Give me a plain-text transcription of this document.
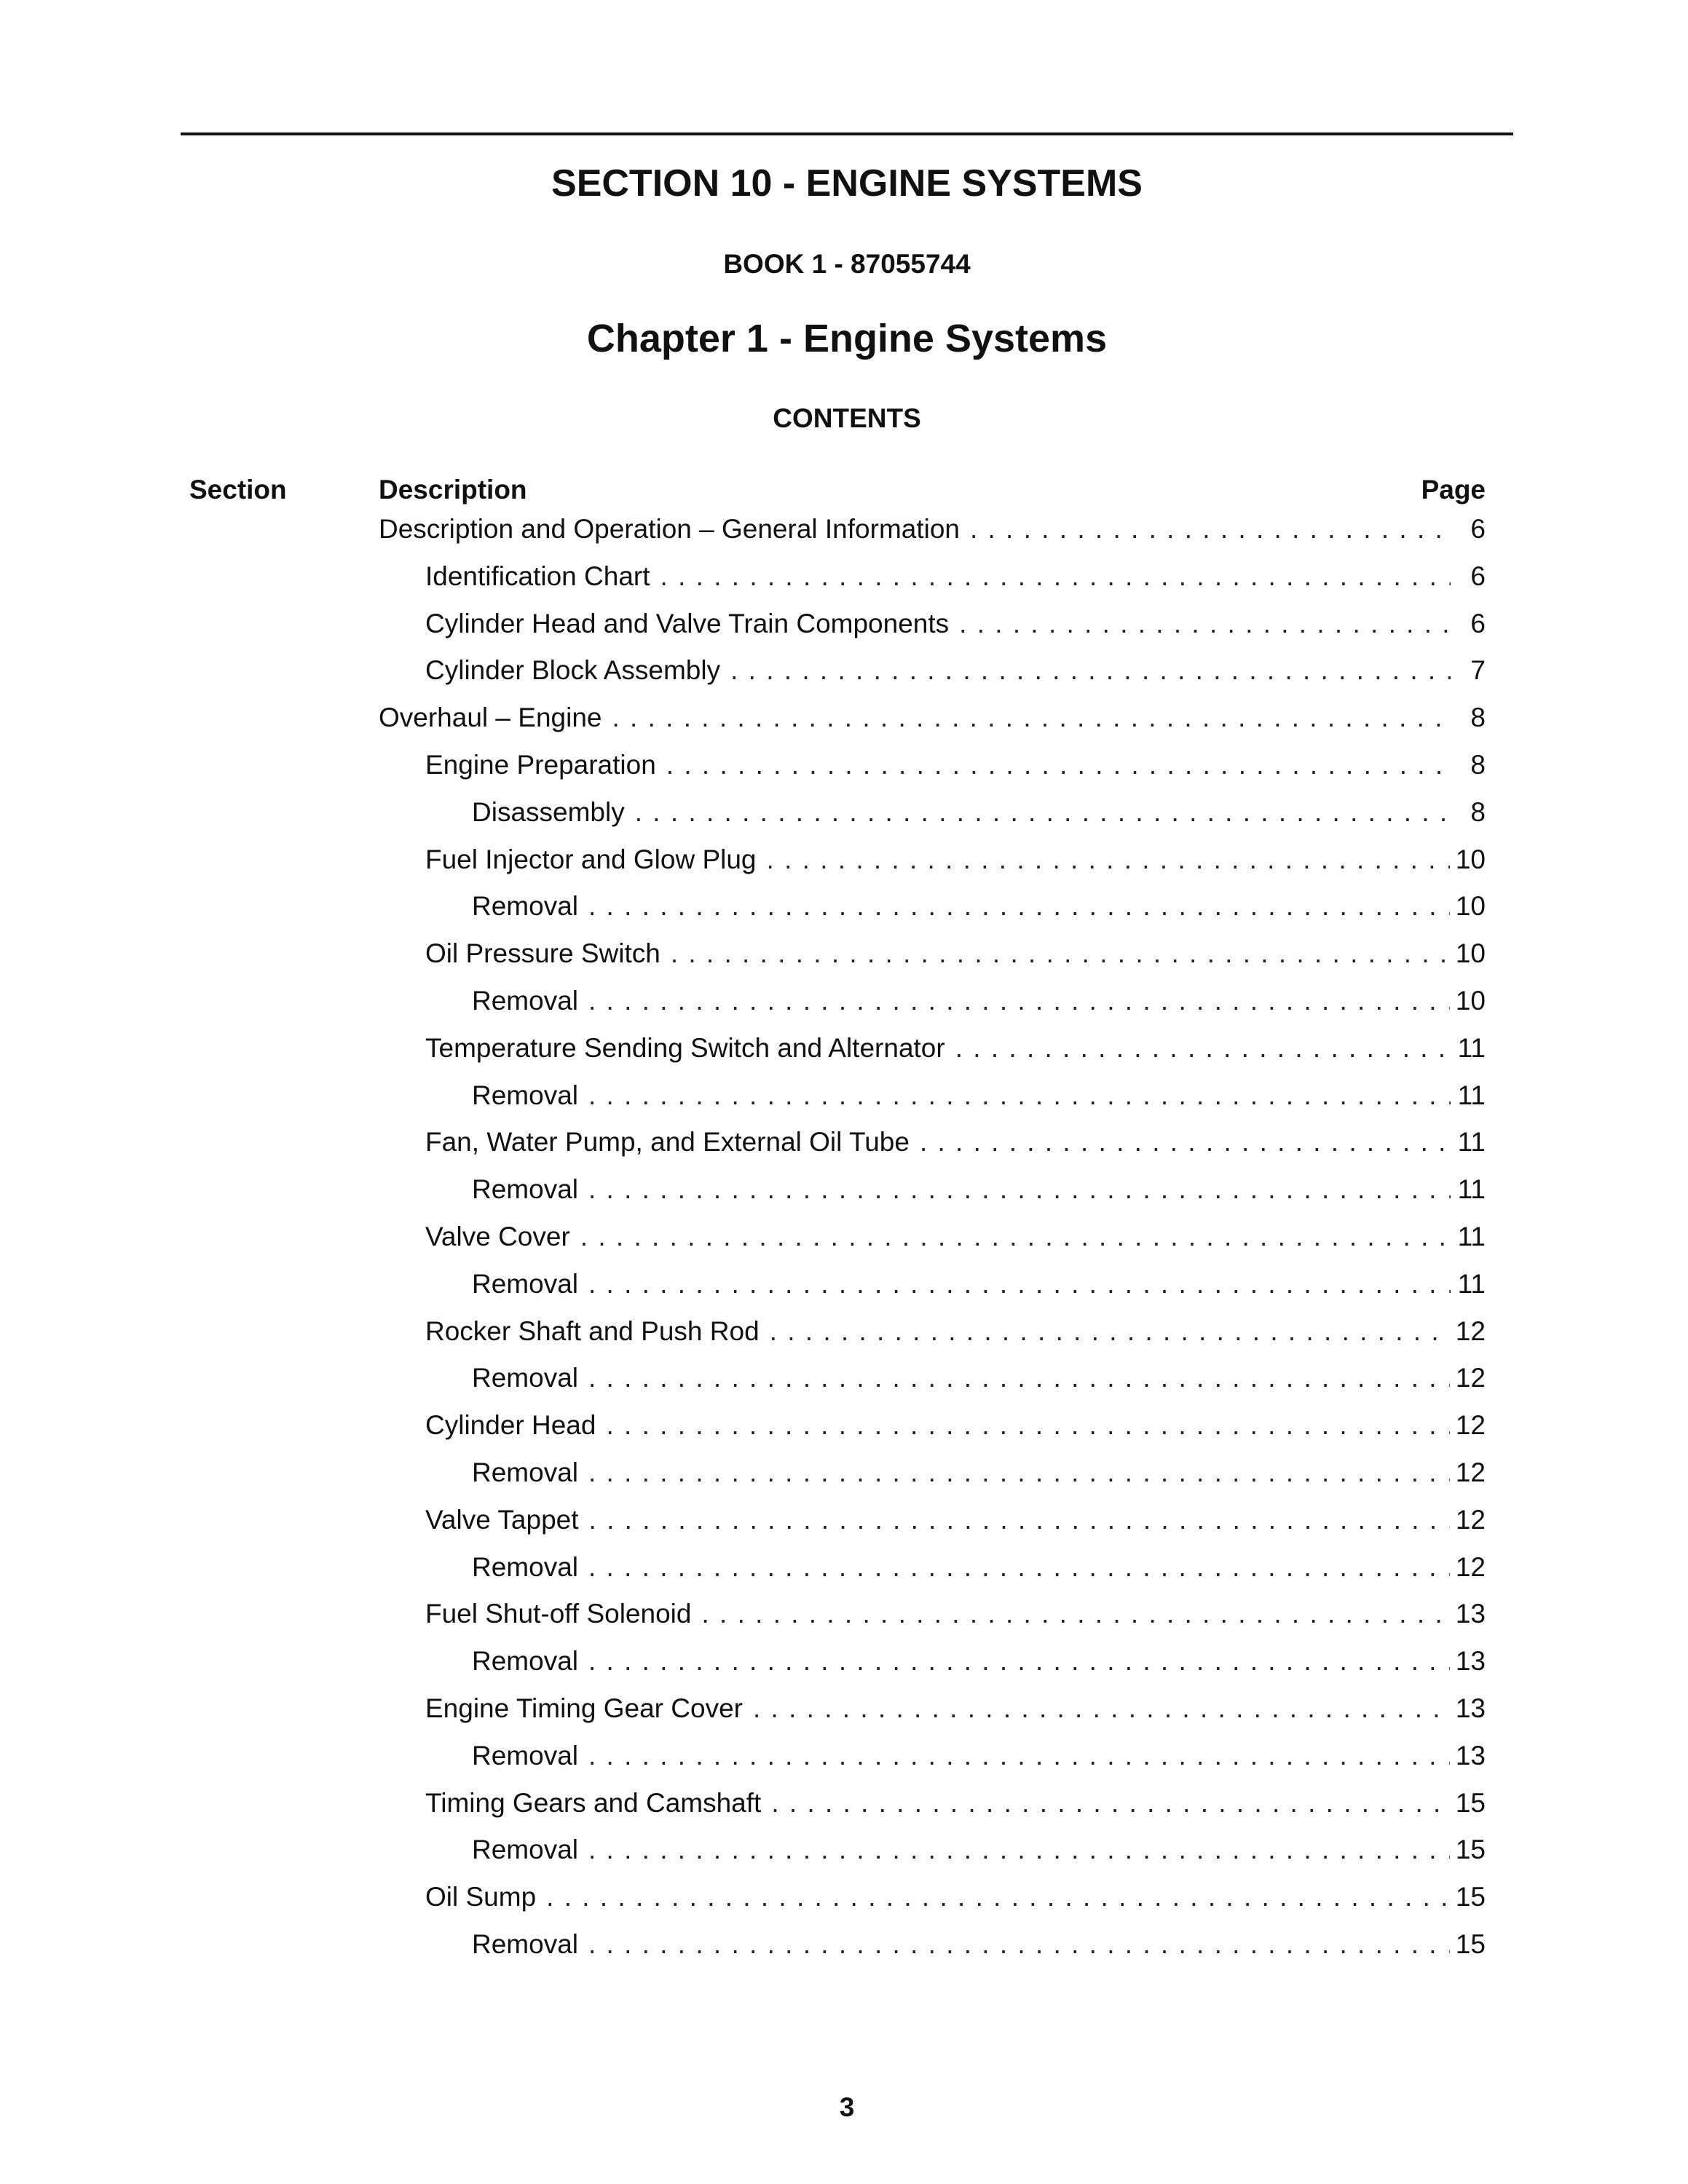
SECTION 10 - ENGINE SYSTEMS
BOOK 1 - 87055744
Chapter 1 - Engine Systems
CONTENTS
Section	Description	Page
Description and Operation – General Information . . .	6
Identification Chart . . .	6
Cylinder Head and Valve Train Components . . .	6
Cylinder Block Assembly . . .	7
Overhaul – Engine . . .	8
Engine Preparation . . .	8
Disassembly . . .	8
Fuel Injector and Glow Plug . . .	10
Removal . . .	10
Oil Pressure Switch . . .	10
Removal . . .	10
Temperature Sending Switch and Alternator . . .	11
Removal . . .	11
Fan, Water Pump, and External Oil Tube . . .	11
Removal . . .	11
Valve Cover . . .	11
Removal . . .	11
Rocker Shaft and Push Rod . . .	12
Removal . . .	12
Cylinder Head . . .	12
Removal . . .	12
Valve Tappet . . .	12
Removal . . .	12
Fuel Shut-off Solenoid . . .	13
Removal . . .	13
Engine Timing Gear Cover . . .	13
Removal . . .	13
Timing Gears and Camshaft . . .	15
Removal . . .	15
Oil Sump . . .	15
Removal . . .	15
3
